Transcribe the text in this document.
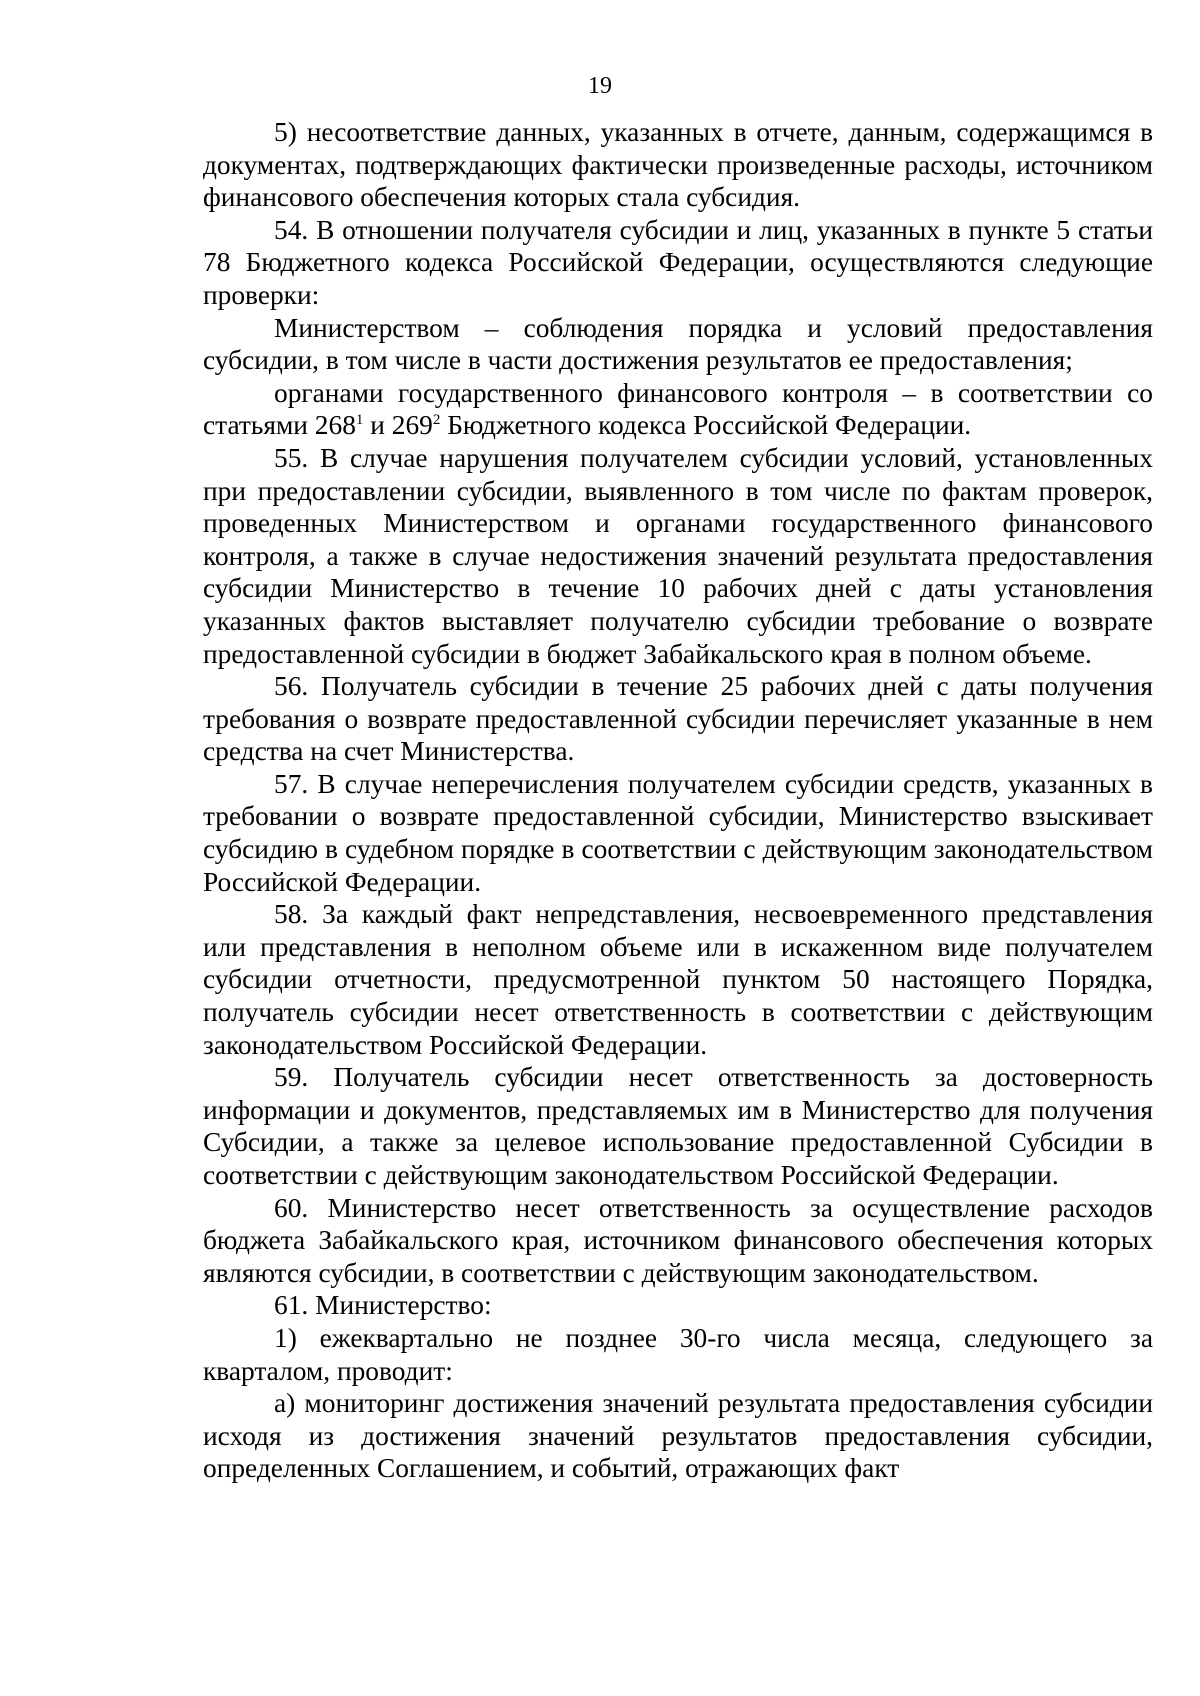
19

5) несоответствие данных, указанных в отчете, данным, содержащимся в документах, подтверждающих фактически произведенные расходы, источником финансового обеспечения которых стала субсидия.

54. В отношении получателя субсидии и лиц, указанных в пункте 5 статьи 78 Бюджетного кодекса Российской Федерации, осуществляются следующие проверки:

Министерством – соблюдения порядка и условий предоставления субсидии, в том числе в части достижения результатов ее предоставления;

органами государственного финансового контроля – в соответствии со статьями $268^1$ и $269^2$ Бюджетного кодекса Российской Федерации.

55. В случае нарушения получателем субсидии условий, установленных при предоставлении субсидии, выявленного в том числе по фактам проверок, проведенных Министерством и органами государственного финансового контроля, а также в случае недостижения значений результата предоставления субсидии Министерство в течение 10 рабочих дней с даты установления указанных фактов выставляет получателю субсидии требование о возврате предоставленной субсидии в бюджет Забайкальского края в полном объеме.

56. Получатель субсидии в течение 25 рабочих дней с даты получения требования о возврате предоставленной субсидии перечисляет указанные в нем средства на счет Министерства.

57. В случае неперечисления получателем субсидии средств, указанных в требовании о возврате предоставленной субсидии, Министерство взыскивает субсидию в судебном порядке в соответствии с действующим законодательством Российской Федерации.

58. За каждый факт непредставления, несвоевременного представления или представления в неполном объеме или в искаженном виде получателем субсидии отчетности, предусмотренной пунктом 50 настоящего Порядка, получатель субсидии несет ответственность в соответствии с действующим законодательством Российской Федерации.

59. Получатель субсидии несет ответственность за достоверность информации и документов, представляемых им в Министерство для получения Субсидии, а также за целевое использование предоставленной Субсидии в соответствии с действующим законодательством Российской Федерации.

60. Министерство несет ответственность за осуществление расходов бюджета Забайкальского края, источником финансового обеспечения которых являются субсидии, в соответствии с действующим законодательством.

61. Министерство:

1) ежеквартально не позднее 30-го числа месяца, следующего за кварталом, проводит:

а) мониторинг достижения значений результата предоставления субсидии исходя из достижения значений результатов предоставления субсидии, определенных Соглашением, и событий, отражающих факт
